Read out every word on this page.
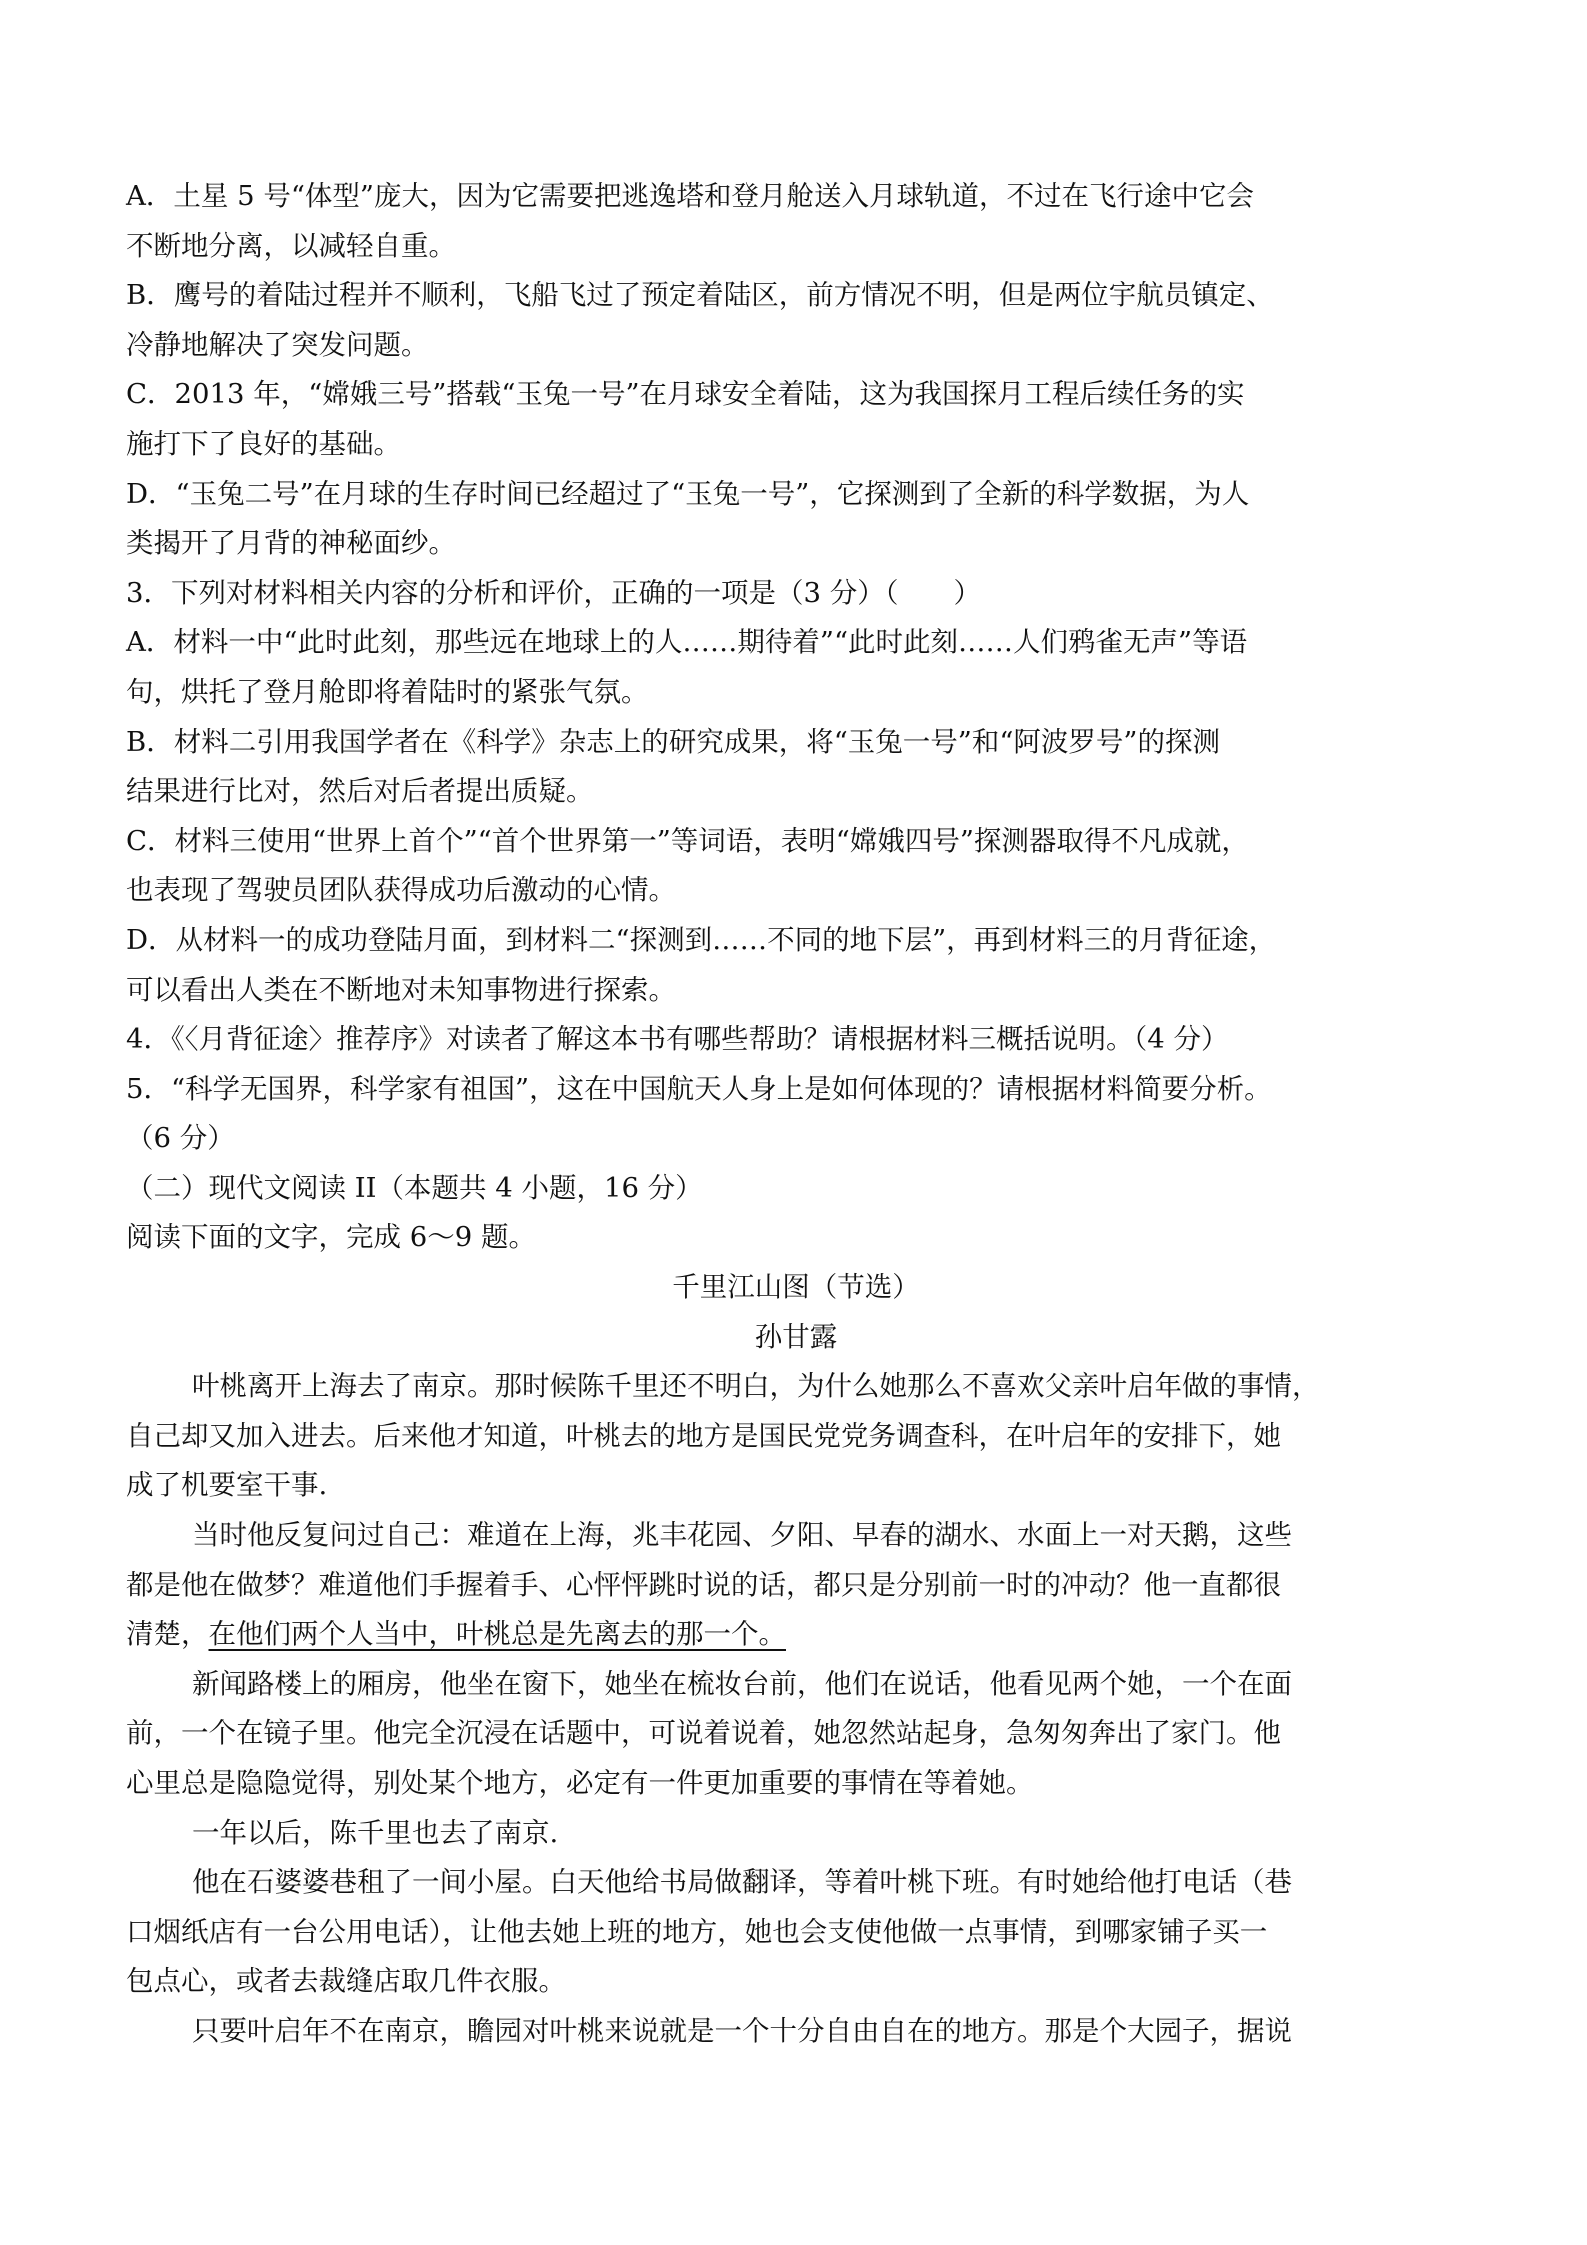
A．土星 5 号“体型”庞大，因为它需要把逃逸塔和登月舱送入月球轨道，不过在飞行途中它会
不断地分离，以减轻自重。
B．鹰号的着陆过程并不顺利，飞船飞过了预定着陆区，前方情况不明，但是两位宇航员镇定、
冷静地解决了突发问题。
C．2013 年，“嫦娥三号”搭载“玉兔一号”在月球安全着陆，这为我国探月工程后续任务的实
施打下了良好的基础。
D．“玉兔二号”在月球的生存时间已经超过了“玉兔一号”，它探测到了全新的科学数据，为人
类揭开了月背的神秘面纱。
3．下列对材料相关内容的分析和评价，正确的一项是（3 分）（　　）
A．材料一中“此时此刻，那些远在地球上的人……期待着”“此时此刻……人们鸦雀无声”等语
句，烘托了登月舱即将着陆时的紧张气氛。
B．材料二引用我国学者在《科学》杂志上的研究成果，将“玉兔一号”和“阿波罗号”的探测
结果进行比对，然后对后者提出质疑。
C．材料三使用“世界上首个”“首个世界第一”等词语，表明“嫦娥四号”探测器取得不凡成就，
也表现了驾驶员团队获得成功后激动的心情。
D．从材料一的成功登陆月面，到材料二“探测到……不同的地下层”，再到材料三的月背征途，
可以看出人类在不断地对未知事物进行探索。
4．《〈月背征途〉推荐序》对读者了解这本书有哪些帮助？请根据材料三概括说明。（4 分）
5．“科学无国界，科学家有祖国”，这在中国航天人身上是如何体现的？请根据材料简要分析。
（6 分）
（二）现代文阅读 II（本题共 4 小题，16 分）
阅读下面的文字，完成 6～9 题。
千里江山图（节选）
孙甘露
叶桃离开上海去了南京。那时候陈千里还不明白，为什么她那么不喜欢父亲叶启年做的事情，
自己却又加入进去。后来他才知道，叶桃去的地方是国民党党务调查科，在叶启年的安排下，她
成了机要室干事.
当时他反复问过自己：难道在上海，兆丰花园、夕阳、早春的湖水、水面上一对天鹅，这些
都是他在做梦？难道他们手握着手、心怦怦跳时说的话，都只是分别前一时的冲动？他一直都很
清楚，在他们两个人当中，叶桃总是先离去的那一个。
新闻路楼上的厢房，他坐在窗下，她坐在梳妆台前，他们在说话，他看见两个她，一个在面
前，一个在镜子里。他完全沉浸在话题中，可说着说着，她忽然站起身，急匆匆奔出了家门。他
心里总是隐隐觉得，别处某个地方，必定有一件更加重要的事情在等着她。
一年以后，陈千里也去了南京.
他在石婆婆巷租了一间小屋。白天他给书局做翻译，等着叶桃下班。有时她给他打电话（巷
口烟纸店有一台公用电话），让他去她上班的地方，她也会支使他做一点事情，到哪家铺子买一
包点心，或者去裁缝店取几件衣服。
只要叶启年不在南京，瞻园对叶桃来说就是一个十分自由自在的地方。那是个大园子，据说
